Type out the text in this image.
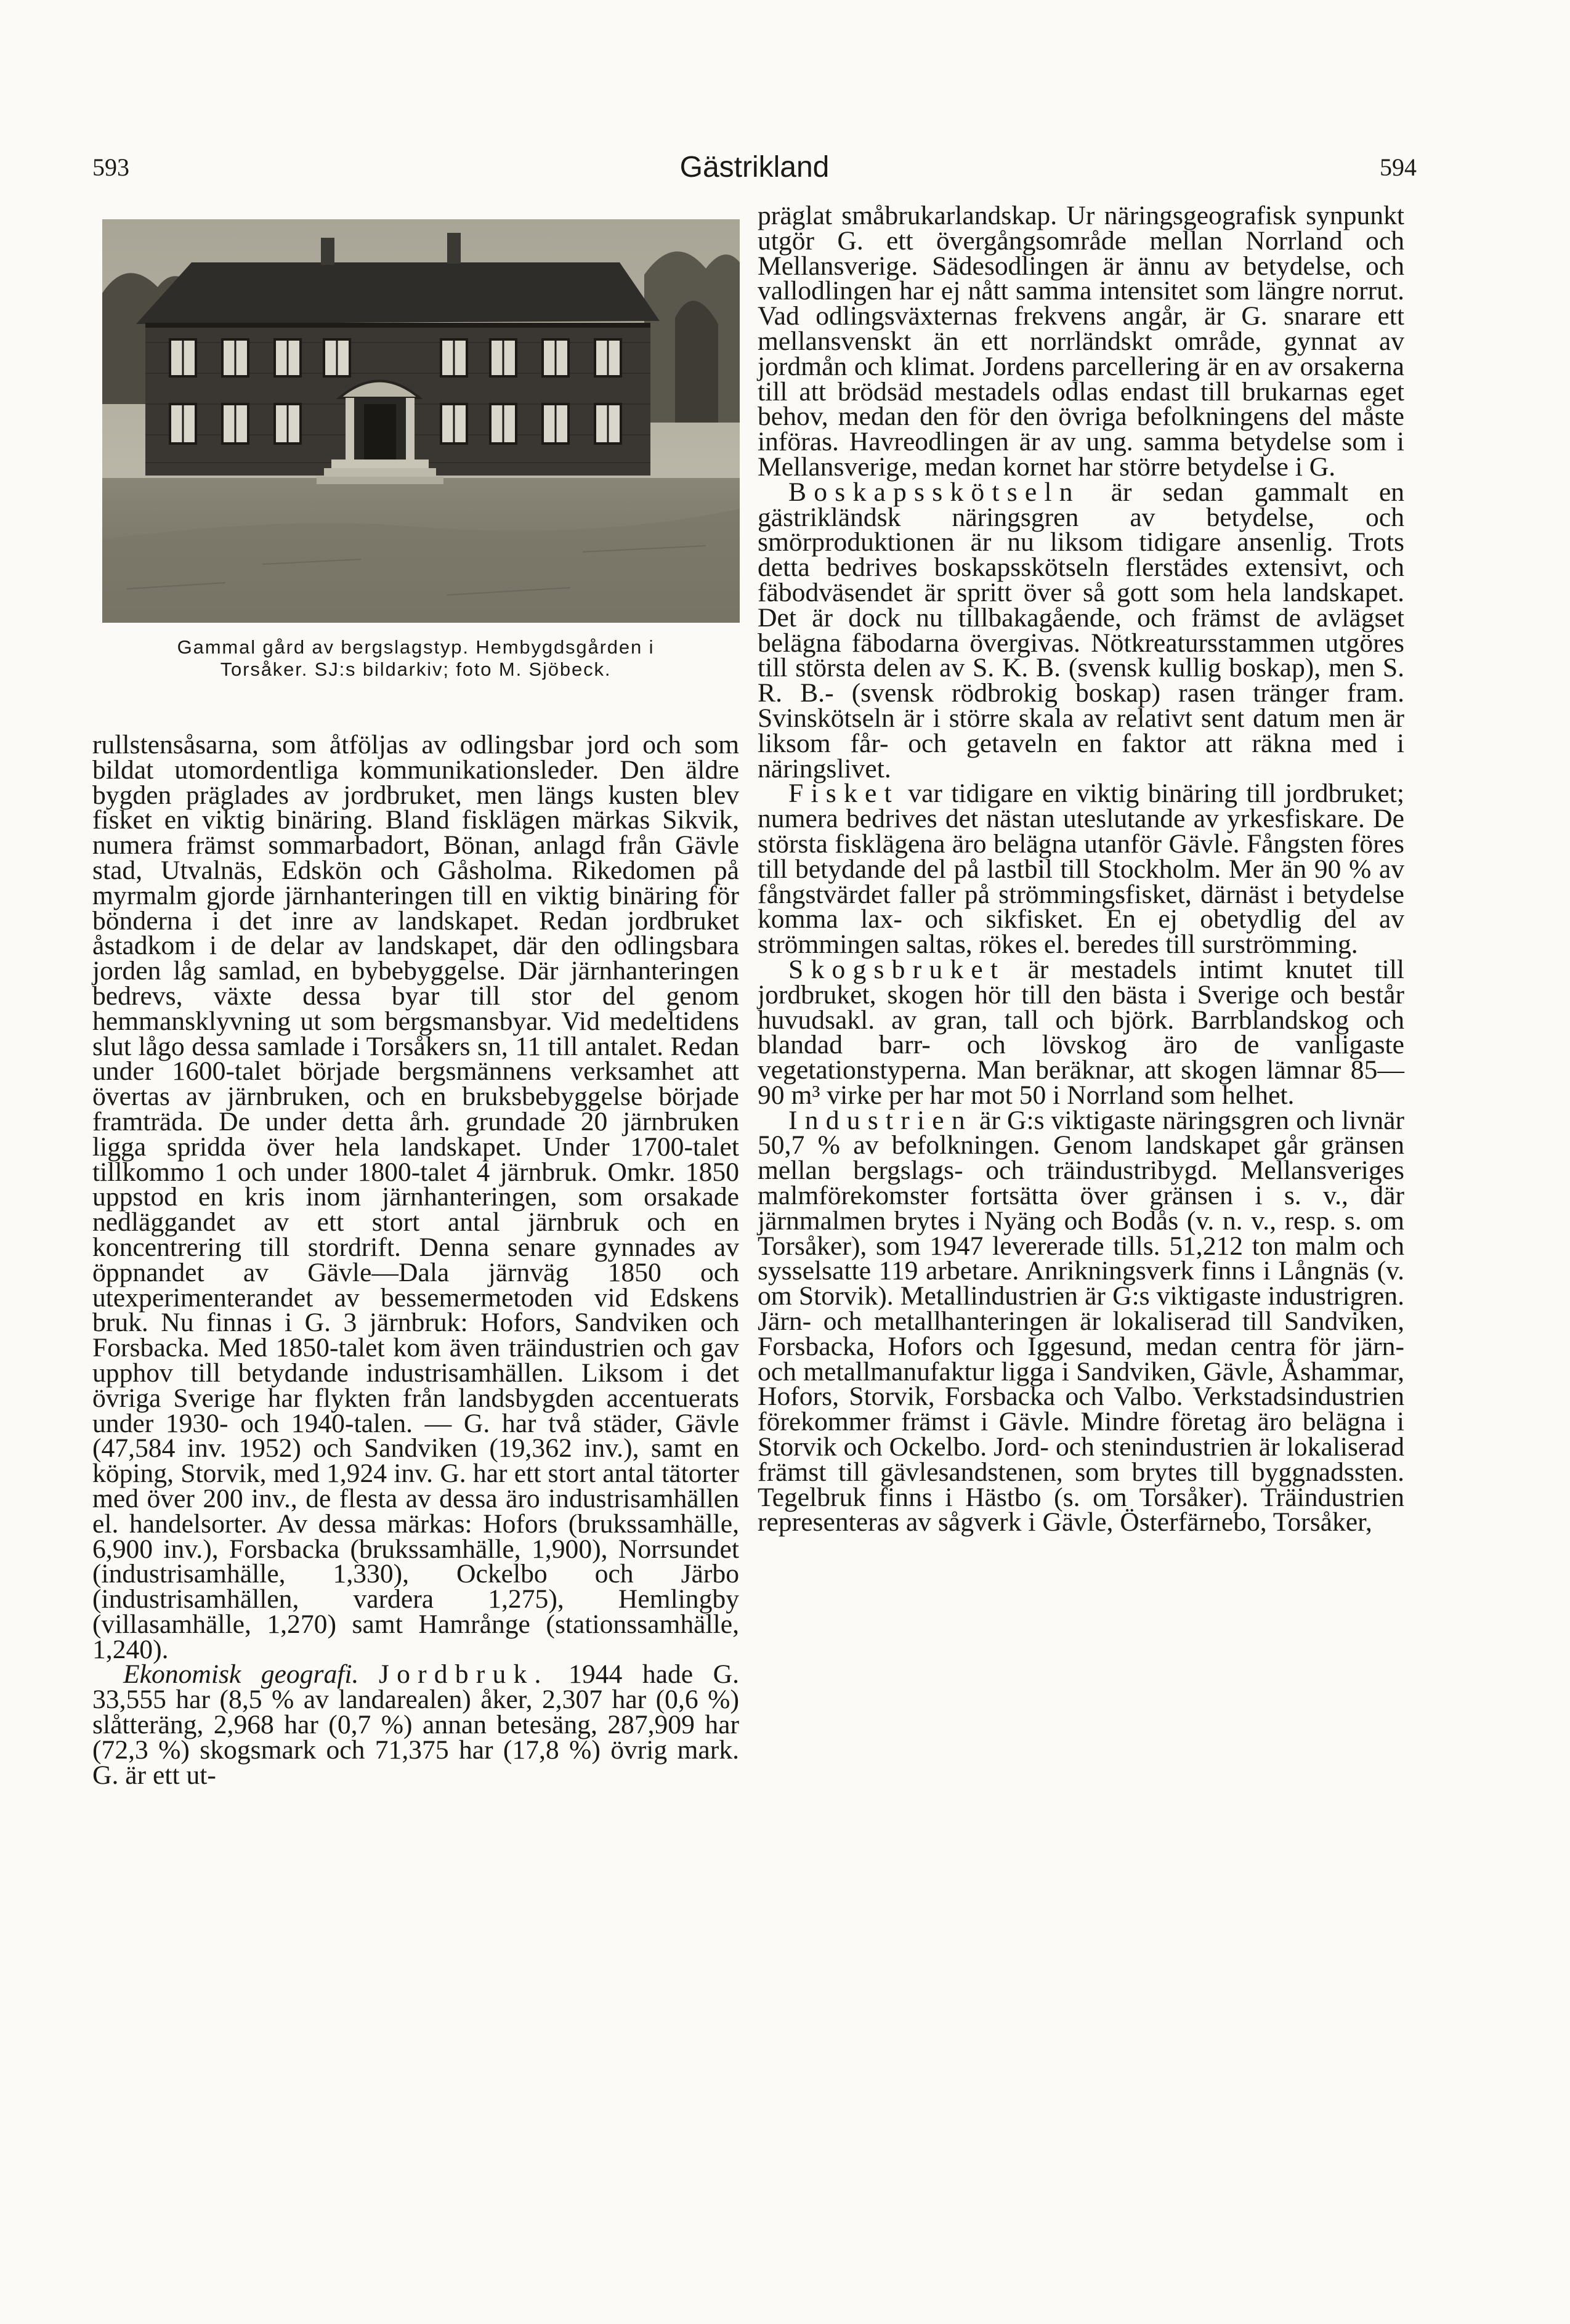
593	Gästrikland	594
Gammal gård av bergslagstyp. Hembygdsgården i
Torsåker. SJ:s bildarkiv; foto M. Sjöbeck.

rullstensåsarna, som åtföljas av odlingsbar jord och som bildat utomordentliga kommunikationsleder. Den äldre bygden präglades av jordbruket, men längs kusten blev fisket en viktig binäring. Bland fisklägen märkas Sikvik, numera främst sommarbadort, Bönan, anlagd från Gävle stad, Utvalnäs, Edskön och Gåsholma. Rikedomen på myrmalm gjorde järnhanteringen till en viktig binäring för bönderna i det inre av landskapet. Redan jordbruket åstadkom i de delar av landskapet, där den odlingsbara jorden låg samlad, en bybebyggelse. Där järnhanteringen bedrevs, växte dessa byar till stor del genom hemmansklyvning ut som bergsmansbyar. Vid medeltidens slut lågo dessa samlade i Torsåkers sn, 11 till antalet. Redan under 1600-talet började bergsmännens verksamhet att övertas av järnbruken, och en bruksbebyggelse började framträda. De under detta årh. grundade 20 järnbruken ligga spridda över hela landskapet. Under 1700-talet tillkommo 1 och under 1800-talet 4 järnbruk. Omkr. 1850 uppstod en kris inom järnhanteringen, som orsakade nedläggandet av ett stort antal järnbruk och en koncentrering till stordrift. Denna senare gynnades av öppnandet av Gävle—Dala järnväg 1850 och utexperimenterandet av bessemermetoden vid Edskens bruk. Nu finnas i G. 3 järnbruk: Hofors, Sandviken och Forsbacka. Med 1850-talet kom även träindustrien och gav upphov till betydande industrisamhällen. Liksom i det övriga Sverige har flykten från landsbygden accentuerats under 1930- och 1940-talen. — G. har två städer, Gävle (47,584 inv. 1952) och Sandviken (19,362 inv.), samt en köping, Storvik, med 1,924 inv. G. har ett stort antal tätorter med över 200 inv., de flesta av dessa äro industrisamhällen el. handelsorter. Av dessa märkas: Hofors (brukssamhälle, 6,900 inv.), Forsbacka (brukssamhälle, 1,900), Norrsundet (industrisamhälle, 1,330), Ockelbo och Järbo (industrisamhällen, vardera 1,275), Hemlingby (villasamhälle, 1,270) samt Hamrånge (stationssamhälle, 1,240).

Ekonomisk geografi. Jordbruk. 1944 hade G. 33,555 har (8,5 % av landarealen) åker, 2,307 har (0,6 %) slåtteräng, 2,968 har (0,7 %) annan betesäng, 287,909 har (72,3 %) skogsmark och 71,375 har (17,8 %) övrig mark. G. är ett ut-

präglat småbrukarlandskap. Ur näringsgeografisk synpunkt utgör G. ett övergångsområde mellan Norrland och Mellansverige. Sädesodlingen är ännu av betydelse, och vallodlingen har ej nått samma intensitet som längre norrut. Vad odlingsväxternas frekvens angår, är G. snarare ett mellansvenskt än ett norrländskt område, gynnat av jordmån och klimat. Jordens parcellering är en av orsakerna till att brödsäd mestadels odlas endast till brukarnas eget behov, medan den för den övriga befolkningens del måste införas. Havreodlingen är av ung. samma betydelse som i Mellansverige, medan kornet har större betydelse i G.

Boskapsskötseln är sedan gammalt en gästrikländsk näringsgren av betydelse, och smörproduktionen är nu liksom tidigare ansenlig. Trots detta bedrives boskapsskötseln flerstädes extensivt, och fäbodväsendet är spritt över så gott som hela landskapet. Det är dock nu tillbakagående, och främst de avlägset belägna fäbodarna övergivas. Nötkreatursstammen utgöres till största delen av S. K. B. (svensk kullig boskap), men S. R. B.- (svensk rödbrokig boskap) rasen tränger fram. Svinskötseln är i större skala av relativt sent datum men är liksom får- och getaveln en faktor att räkna med i näringslivet.

Fisket var tidigare en viktig binäring till jordbruket; numera bedrives det nästan uteslutande av yrkesfiskare. De största fisklägena äro belägna utanför Gävle. Fångsten föres till betydande del på lastbil till Stockholm. Mer än 90 % av fångstvärdet faller på strömmingsfisket, därnäst i betydelse komma lax- och sikfisket. En ej obetydlig del av strömmingen saltas, rökes el. beredes till surströmming.

Skogsbruket är mestadels intimt knutet till jordbruket, skogen hör till den bästa i Sverige och består huvudsakl. av gran, tall och björk. Barrblandskog och blandad barr- och lövskog äro de vanligaste vegetationstyperna. Man beräknar, att skogen lämnar 85—90 m³ virke per har mot 50 i Norrland som helhet.

Industrien är G:s viktigaste näringsgren och livnär 50,7 % av befolkningen. Genom landskapet går gränsen mellan bergslags- och träindustribygd. Mellansveriges malmförekomster fortsätta över gränsen i s. v., där järnmalmen brytes i Nyäng och Bodås (v. n. v., resp. s. om Torsåker), som 1947 levererade tills. 51,212 ton malm och sysselsatte 119 arbetare. Anrikningsverk finns i Långnäs (v. om Storvik). Metallindustrien är G:s viktigaste industrigren. Järn- och metallhanteringen är lokaliserad till Sandviken, Forsbacka, Hofors och Iggesund, medan centra för järn- och metallmanufaktur ligga i Sandviken, Gävle, Åshammar, Hofors, Storvik, Forsbacka och Valbo. Verkstadsindustrien förekommer främst i Gävle. Mindre företag äro belägna i Storvik och Ockelbo. Jord- och stenindustrien är lokaliserad främst till gävlesandstenen, som brytes till byggnadssten. Tegelbruk finns i Hästbo (s. om Torsåker). Träindustrien representeras av sågverk i Gävle, Österfärnebo, Torsåker,
